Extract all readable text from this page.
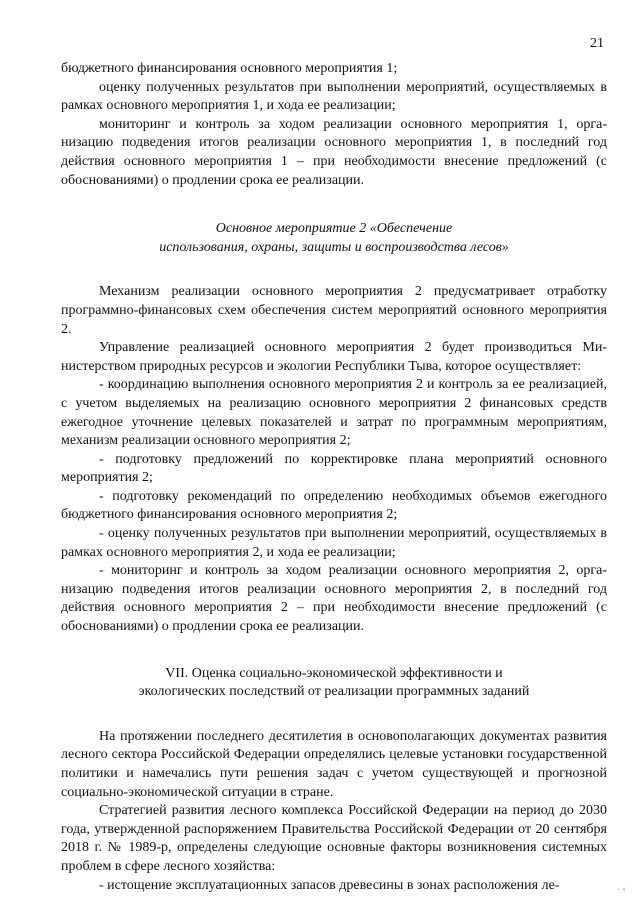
21

бюджетного финансирования основного мероприятия 1;

оценку полученных результатов при выполнении мероприятий, осуществляемых в рамках основного мероприятия 1, и хода ее реализации;

мониторинг и контроль за ходом реализации основного мероприятия 1, организацию подведения итогов реализации основного мероприятия 1, в последний год действия основного мероприятия 1 – при необходимости внесение предложений (с обоснованиями) о продлении срока ее реализации.

Основное мероприятие 2 «Обеспечение
использования, охраны, защиты и воспроизводства лесов»

Механизм реализации основного мероприятия 2 предусматривает отработку программно-финансовых схем обеспечения систем мероприятий основного мероприятия 2.

Управление реализацией основного мероприятия 2 будет производиться Министерством природных ресурсов и экологии Республики Тыва, которое осуществляет:

- координацию выполнения основного мероприятия 2 и контроль за ее реализацией, с учетом выделяемых на реализацию основного мероприятия 2 финансовых средств ежегодное уточнение целевых показателей и затрат по программным мероприятиям, механизм реализации основного мероприятия 2;

- подготовку предложений по корректировке плана мероприятий основного мероприятия 2;

- подготовку рекомендаций по определению необходимых объемов ежегодного бюджетного финансирования основного мероприятия 2;

- оценку полученных результатов при выполнении мероприятий, осуществляемых в рамках основного мероприятия 2, и хода ее реализации;

- мониторинг и контроль за ходом реализации основного мероприятия 2, организацию подведения итогов реализации основного мероприятия 2, в последний год действия основного мероприятия 2 – при необходимости внесение предложений (с обоснованиями) о продлении срока ее реализации.

VII. Оценка социально-экономической эффективности и
экологических последствий от реализации программных заданий

На протяжении последнего десятилетия в основополагающих документах развития лесного сектора Российской Федерации определялись целевые установки государственной политики и намечались пути решения задач с учетом существующей и прогнозной социально-экономической ситуации в стране.

Стратегией развития лесного комплекса Российской Федерации на период до 2030 года, утвержденной распоряжением Правительства Российской Федерации от 20 сентября 2018 г. № 1989-р, определены следующие основные факторы возникновения системных проблем в сфере лесного хозяйства:

- истощение эксплуатационных запасов древесины в зонах расположения ле-	· ‹
